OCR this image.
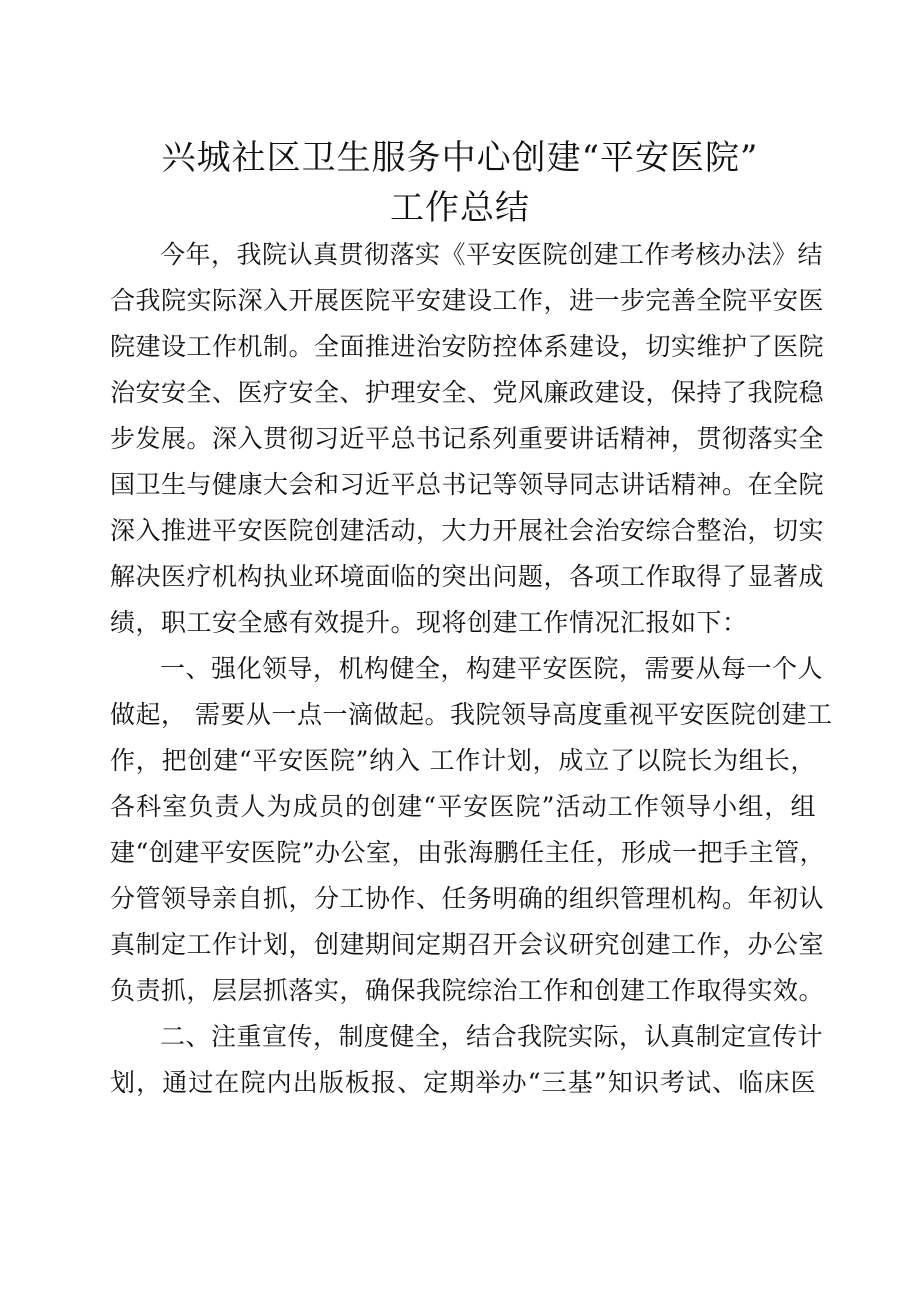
兴城社区卫生服务中心创建“平安医院”
工作总结
今年，我院认真贯彻落实《平安医院创建工作考核办法》结
合我院实际深入开展医院平安建设工作，进一步完善全院平安医
院建设工作机制。全面推进治安防控体系建设，切实维护了医院
治安安全、医疗安全、护理安全、党风廉政建设，保持了我院稳
步发展。深入贯彻习近平总书记系列重要讲话精神，贯彻落实全
国卫生与健康大会和习近平总书记等领导同志讲话精神。在全院
深入推进平安医院创建活动，大力开展社会治安综合整治，切实
解决医疗机构执业环境面临的突出问题，各项工作取得了显著成
绩，职工安全感有效提升。现将创建工作情况汇报如下：
一、强化领导，机构健全，构建平安医院，需要从每一个人
做起， 需要从一点一滴做起。我院领导高度重视平安医院创建工
作，把创建“平安医院”纳入 工作计划，成立了以院长为组长，
各科室负责人为成员的创建“平安医院”活动工作领导小组，组
建“创建平安医院”办公室，由张海鹏任主任，形成一把手主管，
分管领导亲自抓，分工协作、任务明确的组织管理机构。年初认
真制定工作计划，创建期间定期召开会议研究创建工作，办公室
负责抓，层层抓落实，确保我院综治工作和创建工作取得实效。
二、注重宣传，制度健全，结合我院实际，认真制定宣传计
划，通过在院内出版板报、定期举办“三基”知识考试、临床医
